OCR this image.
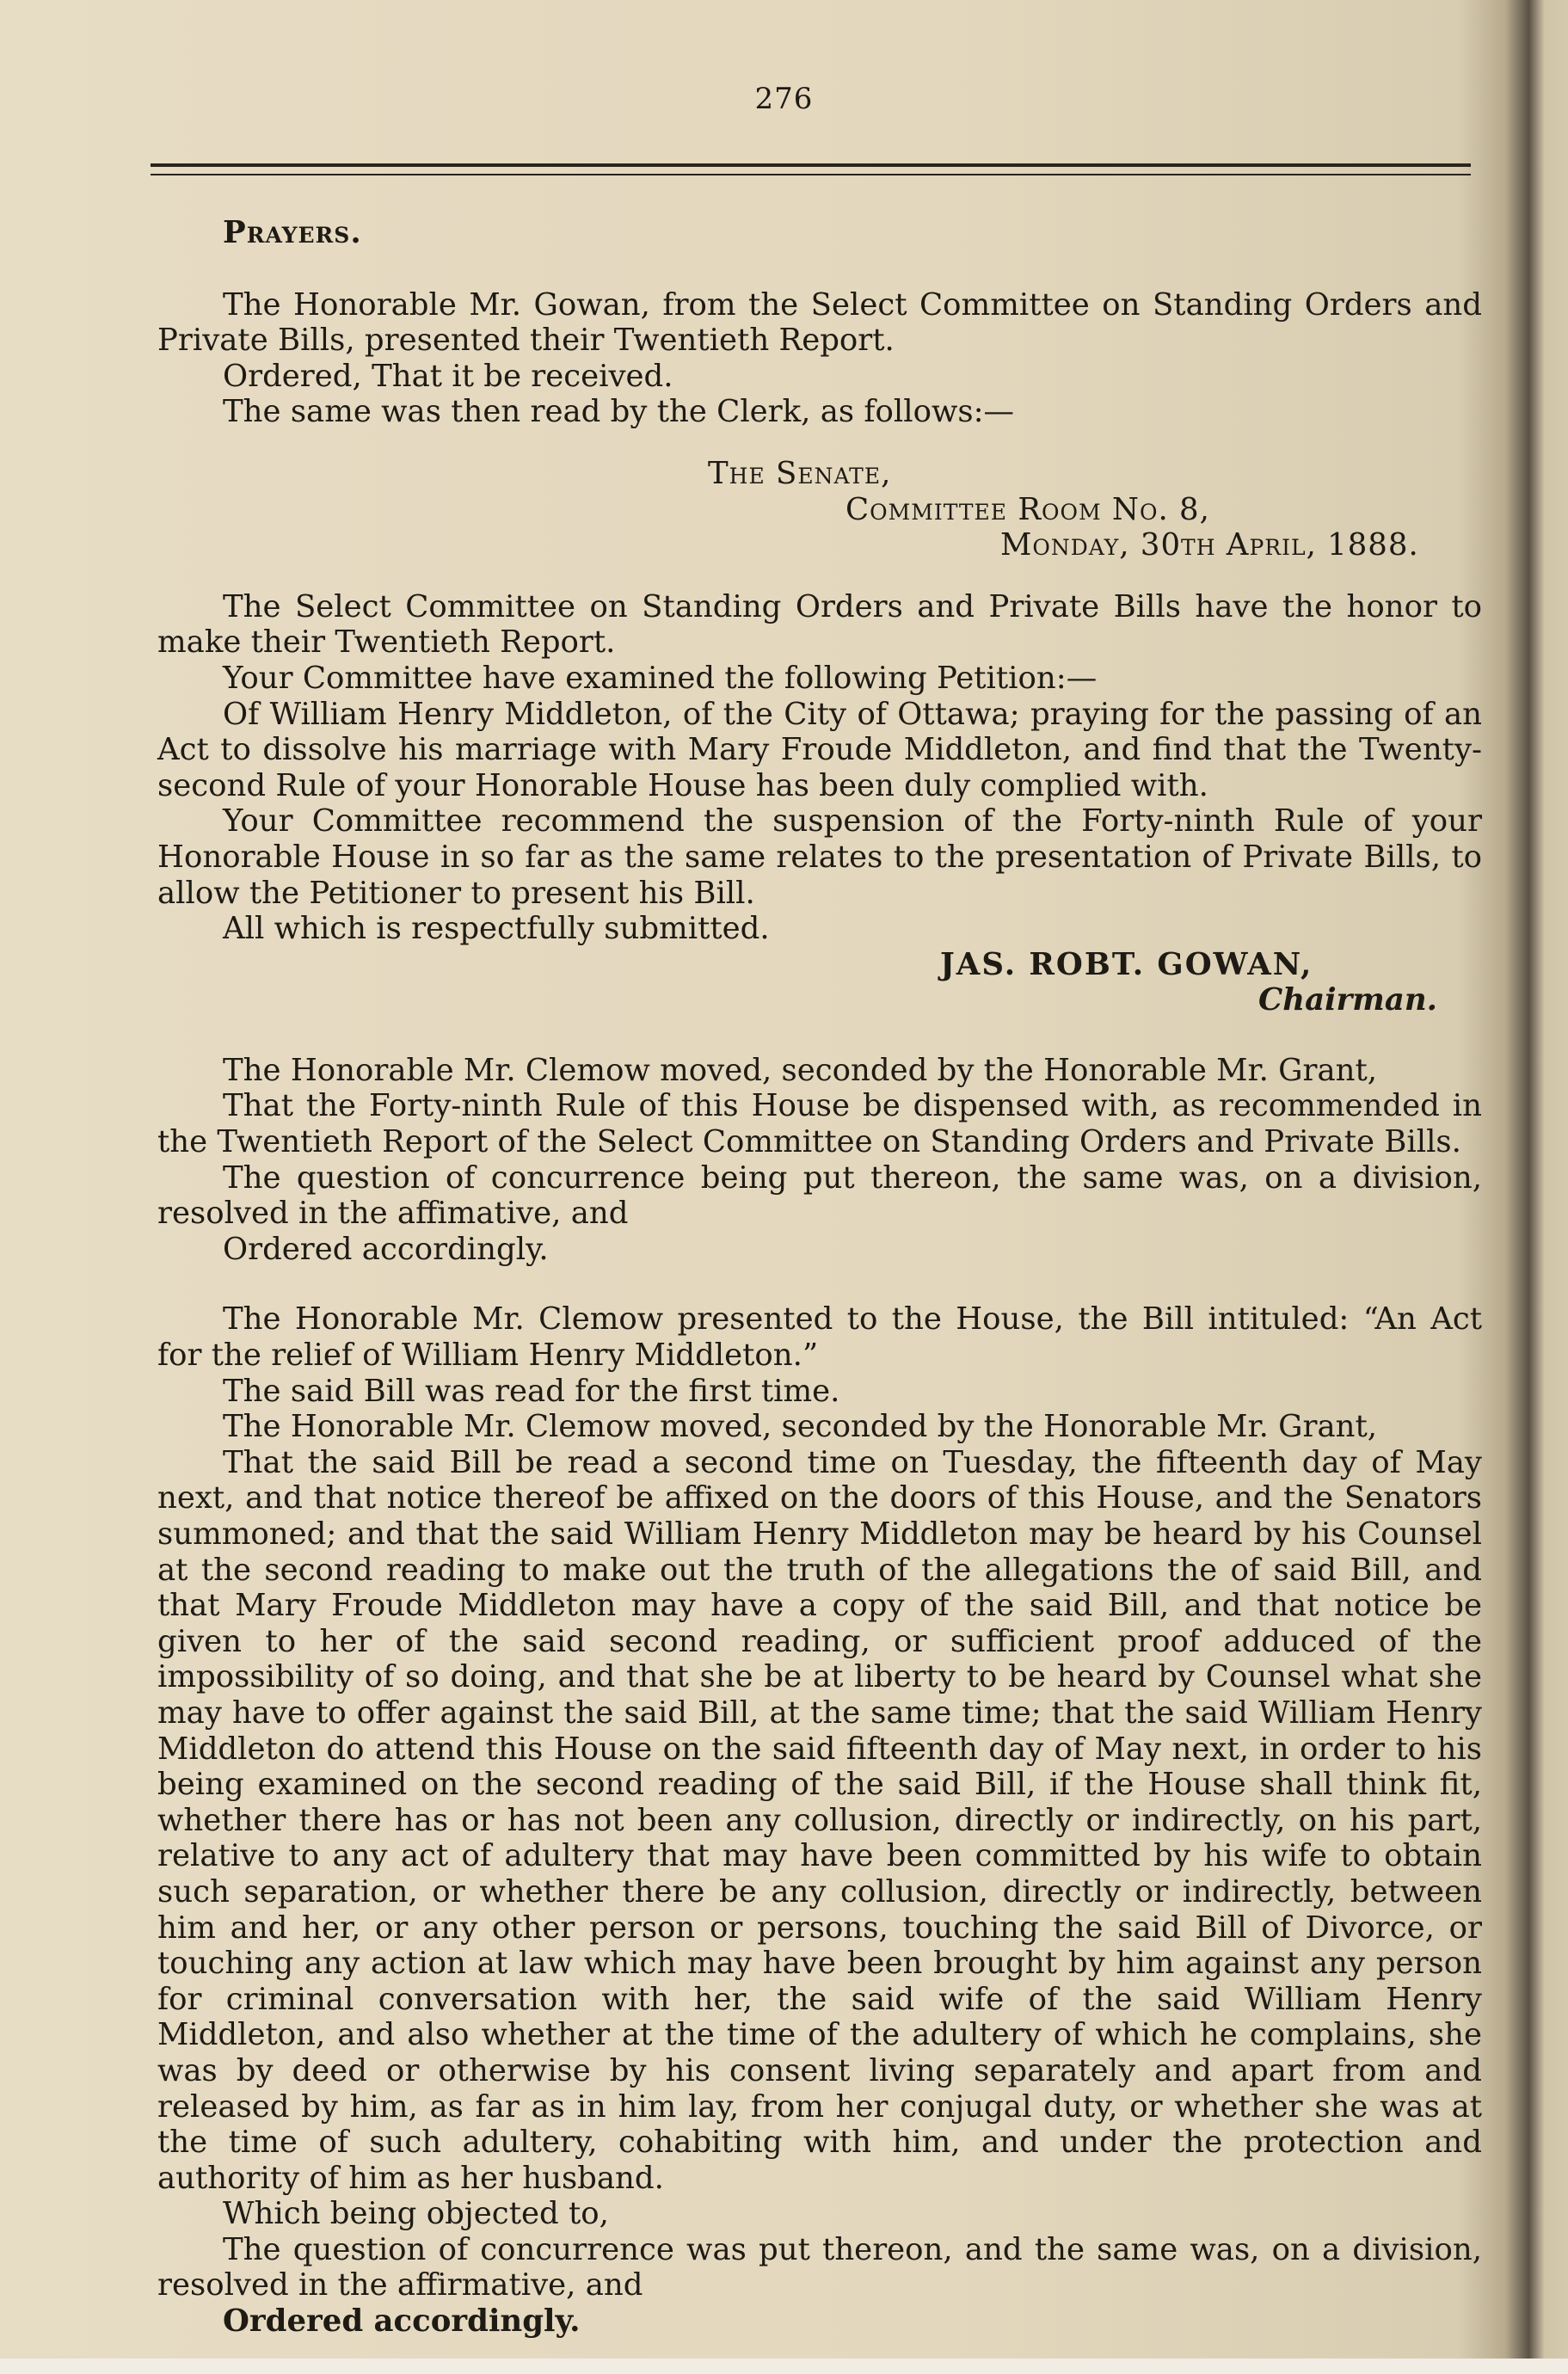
276

Prayers.

The Honorable Mr. Gowan, from the Select Committee on Standing Orders and Private Bills, presented their Twentieth Report.

Ordered, That it be received.

The same was then read by the Clerk, as follows:—

The Senate,

Committee Room No. 8,

Monday, 30th April, 1888.

The Select Committee on Standing Orders and Private Bills have the honor to make their Twentieth Report.

Your Committee have examined the following Petition:—

Of William Henry Middleton, of the City of Ottawa; praying for the passing of an Act to dissolve his marriage with Mary Froude Middleton, and find that the Twenty-second Rule of your Honorable House has been duly complied with.

Your Committee recommend the suspension of the Forty-ninth Rule of your Honorable House in so far as the same relates to the presentation of Private Bills, to allow the Petitioner to present his Bill.

All which is respectfully submitted.

JAS. ROBT. GOWAN,

Chairman.

The Honorable Mr. Clemow moved, seconded by the Honorable Mr. Grant,

That the Forty-ninth Rule of this House be dispensed with, as recommended in the Twentieth Report of the Select Committee on Standing Orders and Private Bills.

The question of concurrence being put thereon, the same was, on a division, resolved in the affimative, and

Ordered accordingly.

The Honorable Mr. Clemow presented to the House, the Bill intituled: “An Act for the relief of William Henry Middleton.”

The said Bill was read for the first time.

The Honorable Mr. Clemow moved, seconded by the Honorable Mr. Grant,

That the said Bill be read a second time on Tuesday, the fifteenth day of May next, and that notice thereof be affixed on the doors of this House, and the Senators summoned; and that the said William Henry Middleton may be heard by his Counsel at the second reading to make out the truth of the allegations the of said Bill, and that Mary Froude Middleton may have a copy of the said Bill, and that notice be given to her of the said second reading, or sufficient proof adduced of the impossibility of so doing, and that she be at liberty to be heard by Counsel what she may have to offer against the said Bill, at the same time; that the said William Henry Middleton do attend this House on the said fifteenth day of May next, in order to his being examined on the second reading of the said Bill, if the House shall think fit, whether there has or has not been any collusion, directly or indirectly, on his part, relative to any act of adultery that may have been committed by his wife to obtain such separation, or whether there be any collusion, directly or indirectly, between him and her, or any other person or persons, touching the said Bill of Divorce, or touching any action at law which may have been brought by him against any person for criminal conversation with her, the said wife of the said William Henry Middleton, and also whether at the time of the adultery of which he complains, she was by deed or otherwise by his consent living separately and apart from and released by him, as far as in him lay, from her conjugal duty, or whether she was at the time of such adultery, cohabiting with him, and under the protection and authority of him as her husband.

Which being objected to,

The question of concurrence was put thereon, and the same was, on a division, resolved in the affirmative, and

Ordered accordingly.
